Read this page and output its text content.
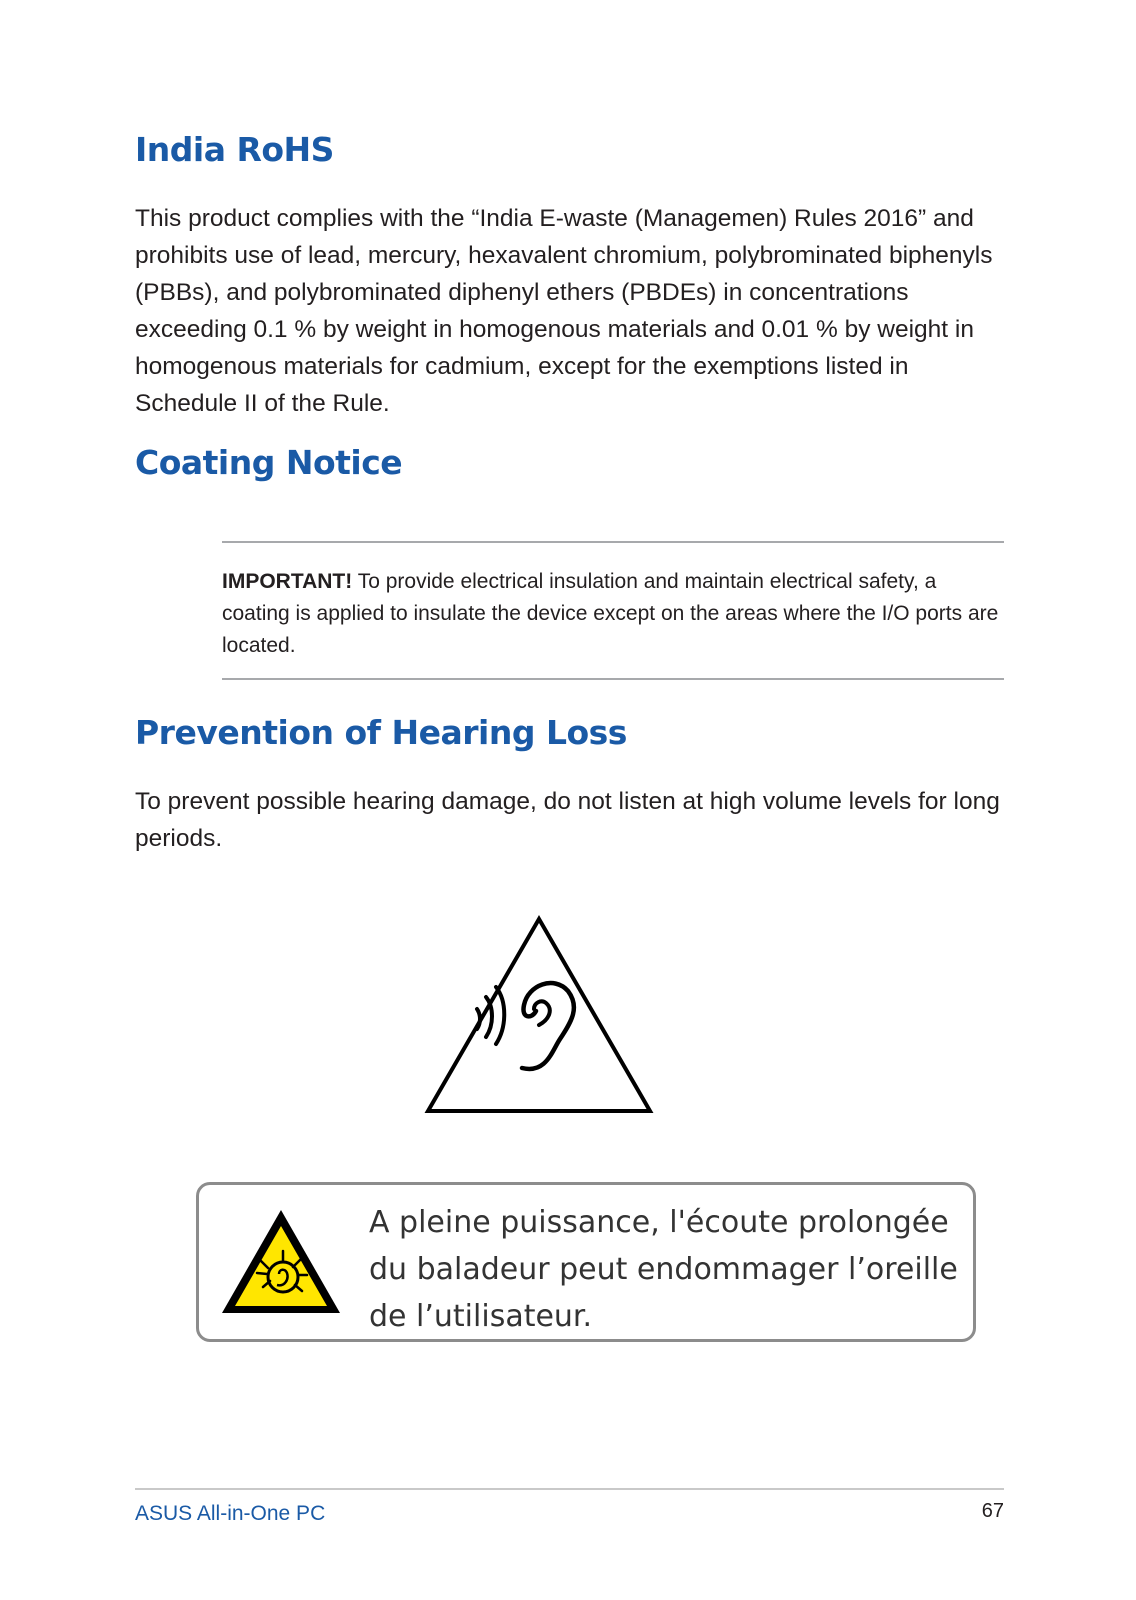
India RoHS

This product complies with the “India E-waste (Managemen) Rules 2016” and prohibits use of lead, mercury, hexavalent chromium, polybrominated biphenyls (PBBs), and polybrominated diphenyl ethers (PBDEs) in concentrations exceeding 0.1 % by weight in homogenous materials and 0.01 % by weight in homogenous materials for cadmium, except for the exemptions listed in Schedule II of the Rule.

Coating Notice

IMPORTANT! To provide electrical insulation and maintain electrical safety, a coating is applied to insulate the device except on the areas where the I/O ports are located.

Prevention of Hearing Loss

To prevent possible hearing damage, do not listen at high volume levels for long periods.

A pleine puissance, l'écoute prolongée du baladeur peut endommager l’oreille de l’utilisateur.

ASUS All-in-One PC	67
